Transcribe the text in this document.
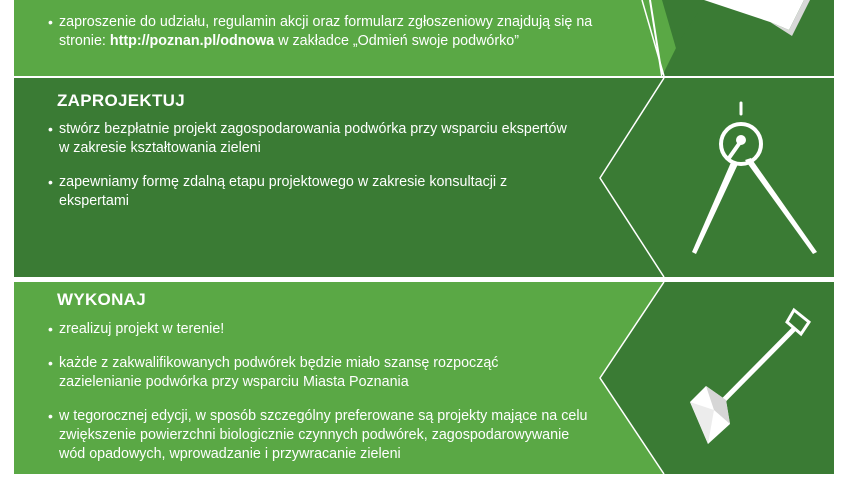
• zaproszenie do udziału, regulamin akcji oraz formularz zgłoszeniowy znajdują się na stronie: http://poznan.pl/odnowa w zakładce „Odmień swoje podwórko”
ZAPROJEKTUJ
• stwórz bezpłatnie projekt zagospodarowania podwórka przy wsparciu ekspertów w zakresie kształtowania zieleni
• zapewniamy formę zdalną etapu projektowego w zakresie konsultacji z ekspertami
WYKONAJ
• zrealizuj projekt w terenie!
• każde z zakwalifikowanych podwórek będzie miało szansę rozpocząć zazielenianie podwórka przy wsparciu Miasta Poznania
• w tegorocznej edycji, w sposób szczególny preferowane są projekty mające na celu zwiększenie powierzchni biologicznie czynnych podwórek, zagospodarowywanie wód opadowych, wprowadzanie i przywracanie zieleni
